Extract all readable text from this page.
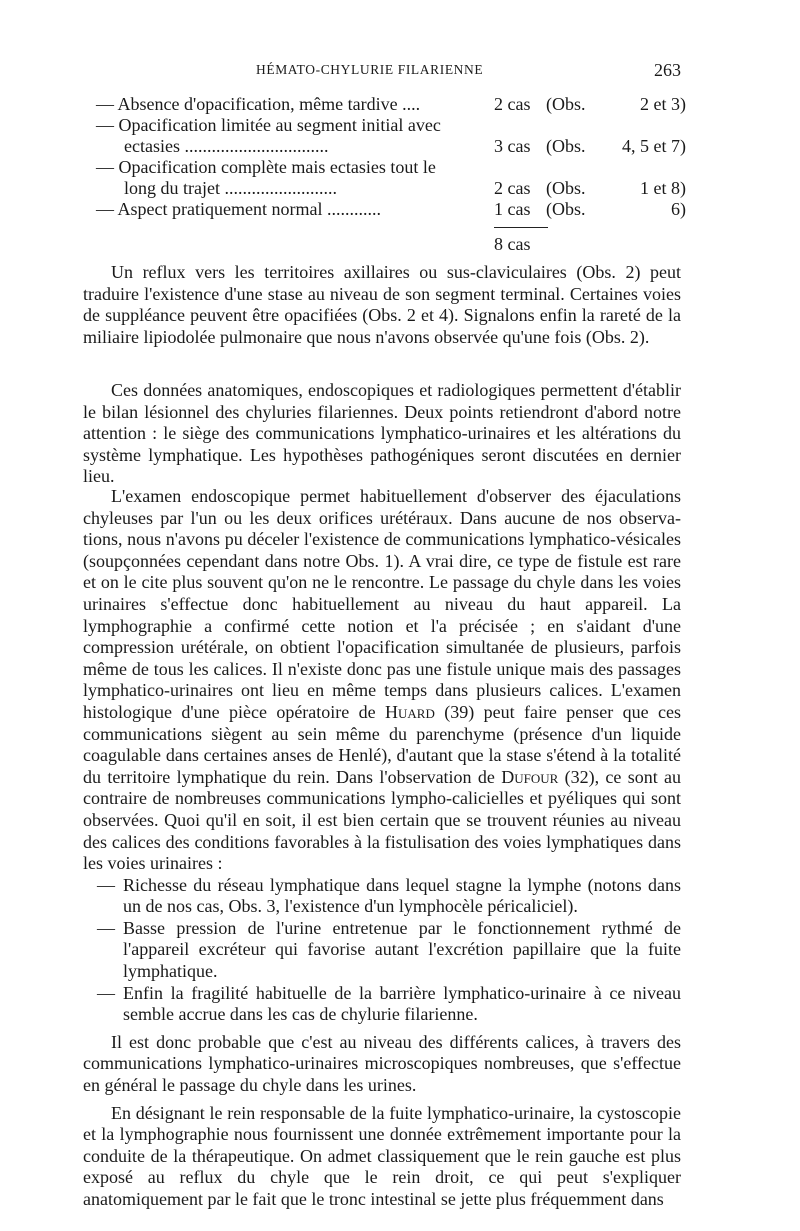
HÉMATO-CHYLURIE FILARIENNE	263
— Absence d'opacification, même tardive ....	2 cas (Obs.	2 et 3)
— Opacification limitée au segment initial avec
ectasies ................................	3 cas (Obs. 4, 5 et 7)
— Opacification complète mais ectasies tout le
long du trajet .........................	2 cas (Obs.	1 et 8)
— Aspect pratiquement normal ............	1 cas (Obs.	6)
8 cas

Un reflux vers les territoires axillaires ou sus-claviculaires (Obs. 2) peut traduire l'existence d'une stase au niveau de son segment terminal. Certaines voies de suppléance peuvent être opacifiées (Obs. 2 et 4). Signalons enfin la rareté de la miliaire lipiodolée pulmonaire que nous n'avons observée qu'une fois (Obs. 2).

Ces données anatomiques, endoscopiques et radiologiques permettent d'établir le bilan lésionnel des chyluries filariennes. Deux points retiendront d'abord notre attention : le siège des communications lymphatico-urinaires et les altérations du système lymphatique. Les hypothèses pathogéniques seront discutées en dernier lieu.

L'examen endoscopique permet habituellement d'observer des éjaculations chyleuses par l'un ou les deux orifices urétéraux. Dans aucune de nos observations, nous n'avons pu déceler l'existence de communications lymphatico-vésicales (soupçonnées cependant dans notre Obs. 1). A vrai dire, ce type de fistule est rare et on le cite plus souvent qu'on ne le rencontre. Le passage du chyle dans les voies urinaires s'effectue donc habituellement au niveau du haut appareil. La lymphographie a confirmé cette notion et l'a précisée ; en s'aidant d'une compression urétérale, on obtient l'opacification simultanée de plusieurs, parfois même de tous les calices. Il n'existe donc pas une fistule unique mais des passages lymphatico-urinaires ont lieu en même temps dans plusieurs calices. L'examen histologique d'une pièce opératoire de Huard (39) peut faire penser que ces communications siègent au sein même du parenchyme (présence d'un liquide coagulable dans certaines anses de Henlé), d'autant que la stase s'étend à la totalité du territoire lymphatique du rein. Dans l'observation de Dufour (32), ce sont au contraire de nombreuses communications lympho-calicielles et pyéliques qui sont observées. Quoi qu'il en soit, il est bien certain que se trouvent réunies au niveau des calices des conditions favorables à la fistulisation des voies lymphatiques dans les voies urinaires :

— Richesse du réseau lymphatique dans lequel stagne la lymphe (notons dans un de nos cas, Obs. 3, l'existence d'un lymphocèle péricaliciel).
— Basse pression de l'urine entretenue par le fonctionnement rythmé de l'appareil excréteur qui favorise autant l'excrétion papillaire que la fuite lymphatique.
— Enfin la fragilité habituelle de la barrière lymphatico-urinaire à ce niveau semble accrue dans les cas de chylurie filarienne.

Il est donc probable que c'est au niveau des différents calices, à travers des communications lymphatico-urinaires microscopiques nombreuses, que s'effectue en général le passage du chyle dans les urines.

En désignant le rein responsable de la fuite lymphatico-urinaire, la cystoscopie et la lymphographie nous fournissent une donnée extrêmement importante pour la conduite de la thérapeutique. On admet classiquement que le rein gauche est plus exposé au reflux du chyle que le rein droit, ce qui peut s'expliquer anatomiquement par le fait que le tronc intestinal se jette plus fréquemment dans
